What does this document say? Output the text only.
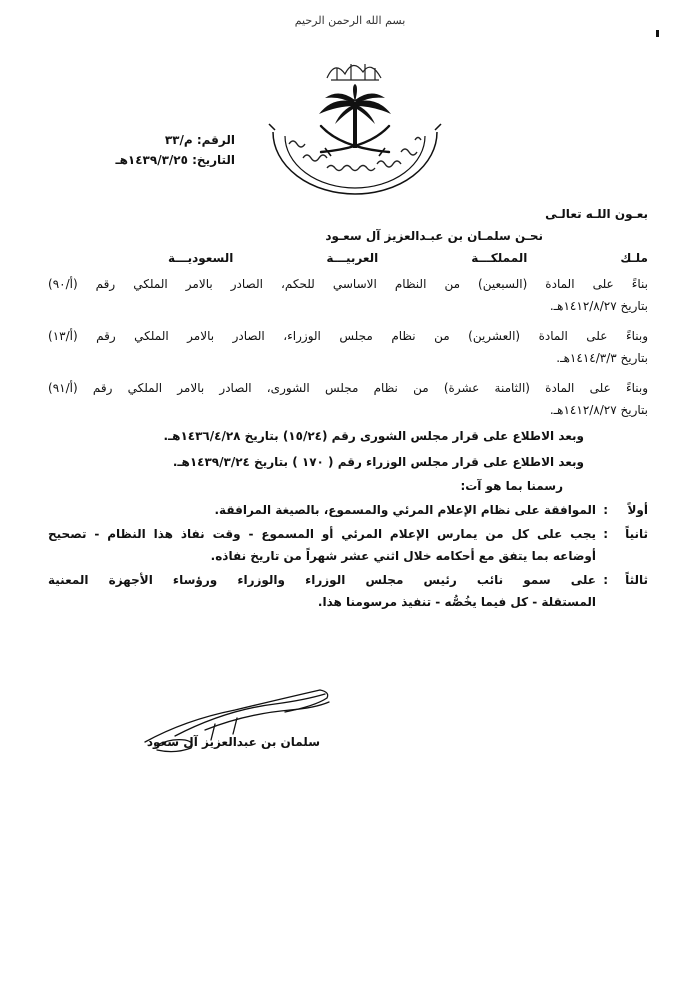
بسم الله الرحمن الرحيم
الرقم: م/٣٣
التاريخ: ١٤٣٩/٣/٢٥هـ
بعـون اللـه تعالـى
نحـن سلمـان بن عبـدالعزيز آل سعـود
ملـك المملكـــة العربيـــة السعوديـــة
بناءً على المادة (السبعين) من النظام الاساسي للحكم، الصادر بالامر الملكي رقم (أ/٩٠)
بتاريخ ١٤١٢/٨/٢٧هـ.
وبناءً على المادة (العشرين) من نظام مجلس الوزراء، الصادر بالامر الملكي رقم (أ/١٣)
بتاريخ ١٤١٤/٣/٣هـ.
وبناءً على المادة (الثامنة عشرة) من نظام مجلس الشورى، الصادر بالامر الملكي رقم (أ/٩١)
بتاريخ ١٤١٢/٨/٢٧هـ.
وبعد الاطلاع على قرار مجلس الشورى رقم (١٥/٢٤) بتاريخ ١٤٣٦/٤/٢٨هـ.
وبعد الاطلاع على قرار مجلس الوزراء رقم ( ١٧٠ ) بتاريخ ١٤٣٩/٣/٢٤هـ.
رسمنا بما هو آت:
أولاً
:
الموافقة على نظام الإعلام المرئي والمسموع، بالصيغة المرافقة.
ثانياً
:
يجب على كل من يمارس الإعلام المرئي أو المسموع - وقت نفاذ هذا النظام - تصحيح
أوضاعه بما يتفق مع أحكامه خلال اثني عشر شهراً من تاريخ نفاذه.
ثالثاً
:
على سمو نائب رئيس مجلس الوزراء والوزراء ورؤساء الأجهزة المعنية
المستقلة - كل فيما يخُصُّه - تنفيذ مرسومنا هذا.
سلمان بن عبدالعزيز آل سعود
